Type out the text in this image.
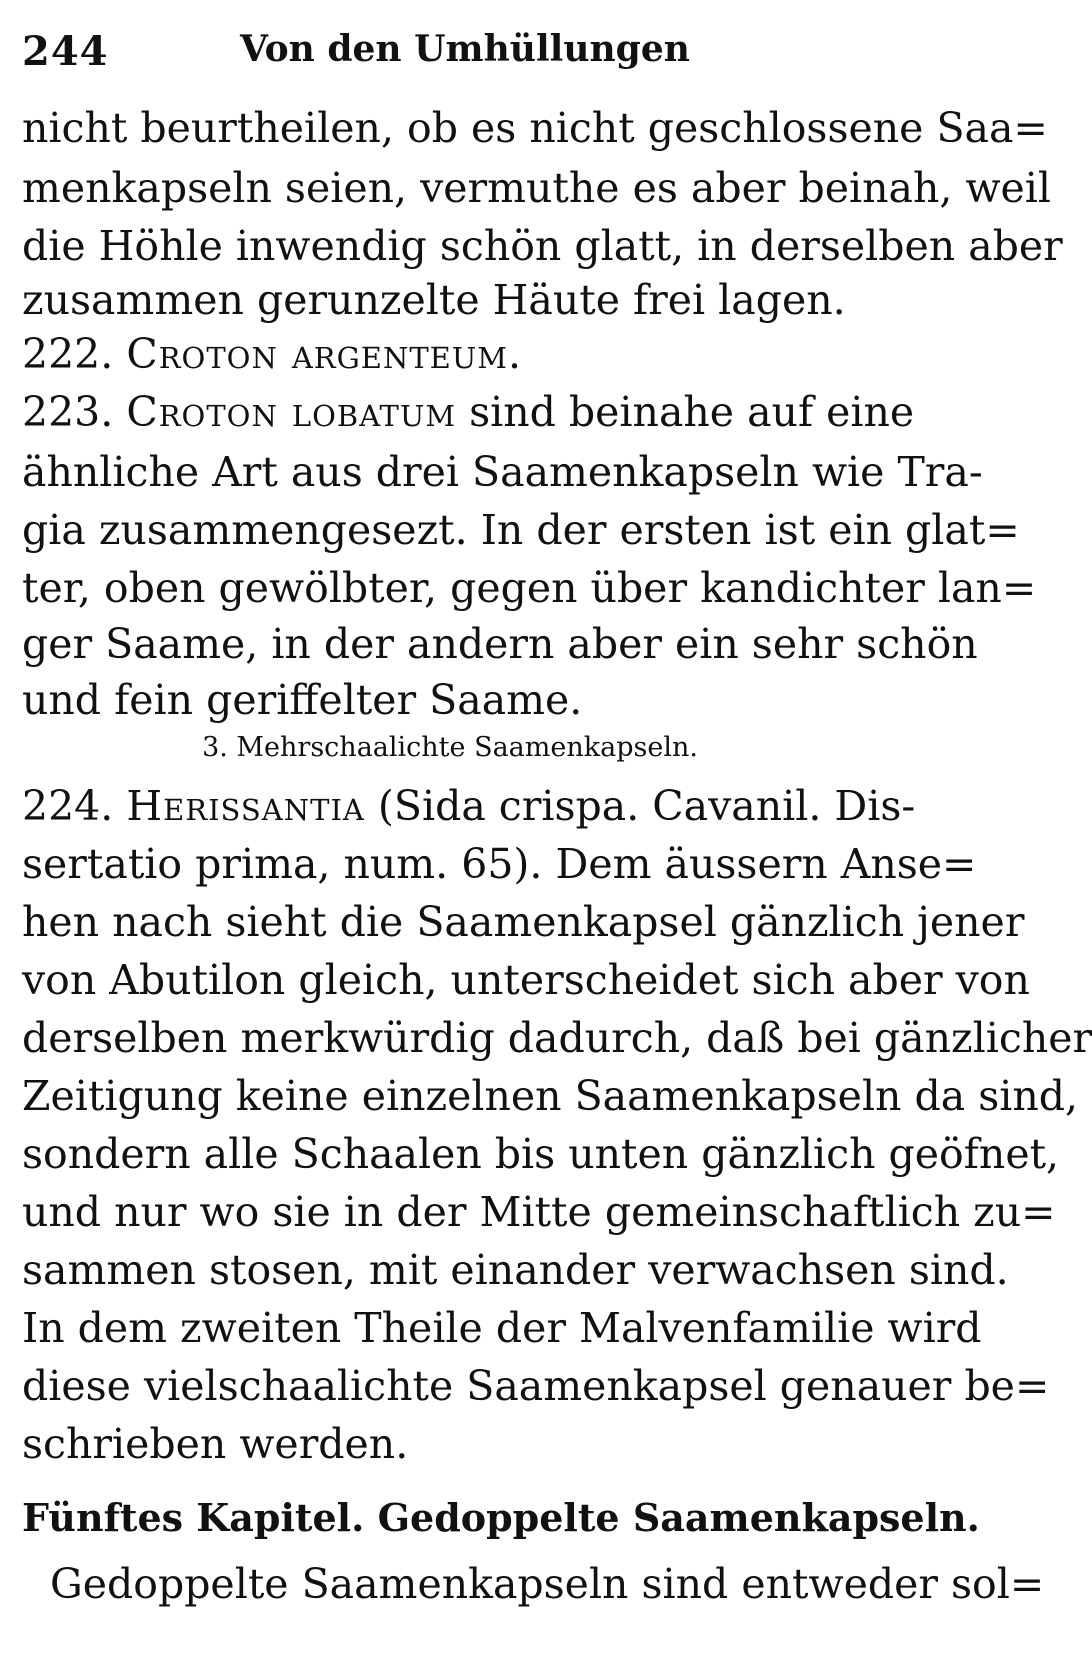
244	Von den Umhüllungen
nicht beurtheilen, ob es nicht geschlossene Saa=
menkapseln seien, vermuthe es aber beinah, weil
die Höhle inwendig schön glatt, in derselben aber
zusammen gerunzelte Häute frei lagen.
222. Croton argenteum.
223. Croton lobatum sind beinahe auf eine
ähnliche Art aus drei Saamenkapseln wie Tra-
gia zusammengesezt. In der ersten ist ein glat=
ter, oben gewölbter, gegen über kandichter lan=
ger Saame, in der andern aber ein sehr schön
und fein geriffelter Saame.
3. Mehrschaalichte Saamenkapseln.
224. Herissantia (Sida crispa. Cavanil. Dis-
sertatio prima, num. 65). Dem äussern Anse=
hen nach sieht die Saamenkapsel gänzlich jener
von Abutilon gleich, unterscheidet sich aber von
derselben merkwürdig dadurch, daß bei gänzlicher
Zeitigung keine einzelnen Saamenkapseln da sind,
sondern alle Schaalen bis unten gänzlich geöfnet,
und nur wo sie in der Mitte gemeinschaftlich zu=
sammen stosen, mit einander verwachsen sind.
In dem zweiten Theile der Malvenfamilie wird
diese vielschaalichte Saamenkapsel genauer be=
schrieben werden.
Fünftes Kapitel. Gedoppelte Saamenkapseln.
Gedoppelte Saamenkapseln sind entweder sol=
